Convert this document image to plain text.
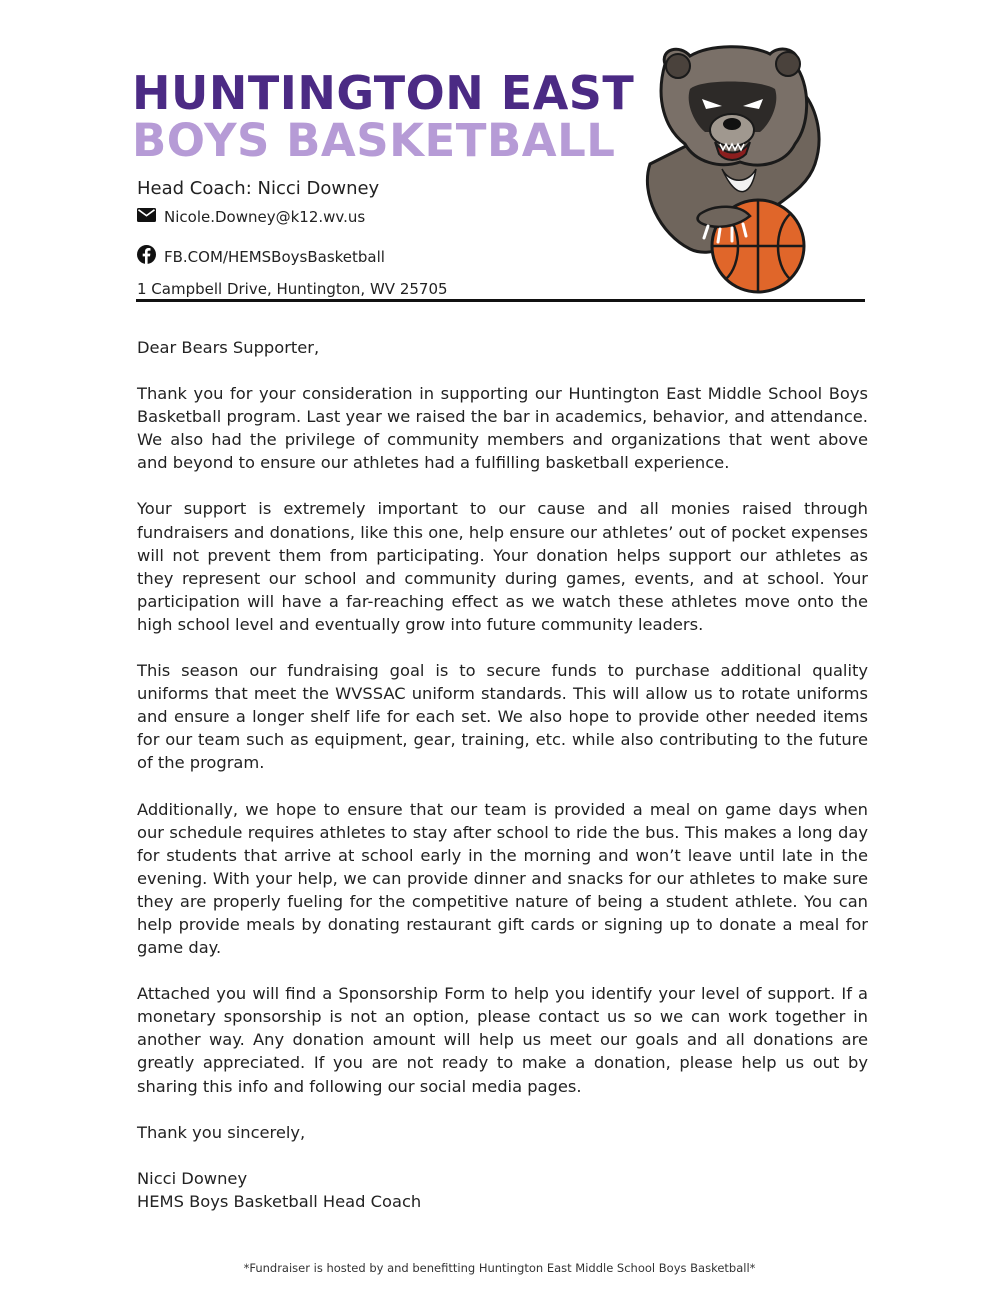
HUNTINGTON EAST
BOYS BASKETBALL
Head Coach: Nicci Downey
Nicole.Downey@k12.wv.us
FB.COM/HEMSBoysBasketball
1 Campbell Drive, Huntington, WV 25705

Dear Bears Supporter,

Thank you for your consideration in supporting our Huntington East Middle School Boys Basketball program. Last year we raised the bar in academics, behavior, and attendance. We also had the privilege of community members and organizations that went above and beyond to ensure our athletes had a fulfilling basketball experience.

Your support is extremely important to our cause and all monies raised through fundraisers and donations, like this one, help ensure our athletes’ out of pocket expenses will not prevent them from participating. Your donation helps support our athletes as they represent our school and community during games, events, and at school. Your participation will have a far-reaching effect as we watch these athletes move onto the high school level and eventually grow into future community leaders.

This season our fundraising goal is to secure funds to purchase additional quality uniforms that meet the WVSSAC uniform standards. This will allow us to rotate uniforms and ensure a longer shelf life for each set. We also hope to provide other needed items for our team such as equipment, gear, training, etc. while also contributing to the future of the program.

Additionally, we hope to ensure that our team is provided a meal on game days when our schedule requires athletes to stay after school to ride the bus. This makes a long day for students that arrive at school early in the morning and won’t leave until late in the evening. With your help, we can provide dinner and snacks for our athletes to make sure they are properly fueling for the competitive nature of being a student athlete. You can help provide meals by donating restaurant gift cards or signing up to donate a meal for game day.

Attached you will find a Sponsorship Form to help you identify your level of support. If a monetary sponsorship is not an option, please contact us so we can work together in another way. Any donation amount will help us meet our goals and all donations are greatly appreciated. If you are not ready to make a donation, please help us out by sharing this info and following our social media pages.

Thank you sincerely,

Nicci Downey
HEMS Boys Basketball Head Coach
*Fundraiser is hosted by and benefitting Huntington East Middle School Boys Basketball*
